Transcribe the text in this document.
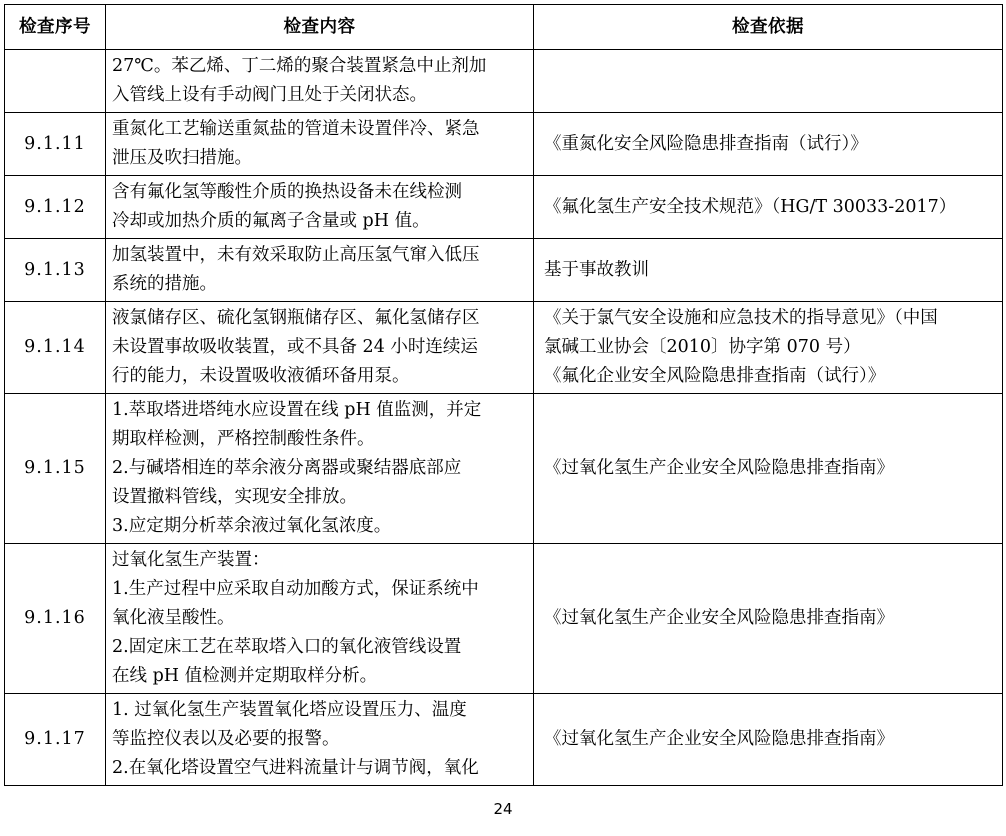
检查序号	检查内容	检查依据

	27℃。苯乙烯、丁二烯的聚合装置紧急中止剂加
入管线上设有手动阀门且处于关闭状态。	

9.1.11	重氮化工艺输送重氮盐的管道未设置伴冷、紧急
泄压及吹扫措施。	《重氮化安全风险隐患排查指南（试行）》

9.1.12	含有氟化氢等酸性介质的换热设备未在线检测
冷却或加热介质的氟离子含量或 pH 值。	《氟化氢生产安全技术规范》（HG/T 30033-2017）

9.1.13	加氢装置中，未有效采取防止高压氢气窜入低压
系统的措施。	基于事故教训

9.1.14	液氯储存区、硫化氢钢瓶储存区、氟化氢储存区
未设置事故吸收装置，或不具备 24 小时连续运
行的能力，未设置吸收液循环备用泵。	《关于氯气安全设施和应急技术的指导意见》（中国
氯碱工业协会〔2010〕协字第 070 号）
《氟化企业安全风险隐患排查指南（试行）》

9.1.15	1.萃取塔进塔纯水应设置在线 pH 值监测，并定
期取样检测，严格控制酸性条件。
2.与碱塔相连的萃余液分离器或聚结器底部应
设置撤料管线，实现安全排放。
3.应定期分析萃余液过氧化氢浓度。	《过氧化氢生产企业安全风险隐患排查指南》

9.1.16	过氧化氢生产装置：
1.生产过程中应采取自动加酸方式，保证系统中
氧化液呈酸性。
2.固定床工艺在萃取塔入口的氧化液管线设置
在线 pH 值检测并定期取样分析。	《过氧化氢生产企业安全风险隐患排查指南》

9.1.17	1. 过氧化氢生产装置氧化塔应设置压力、温度
等监控仪表以及必要的报警。
2.在氧化塔设置空气进料流量计与调节阀，氧化	《过氧化氢生产企业安全风险隐患排查指南》
24
